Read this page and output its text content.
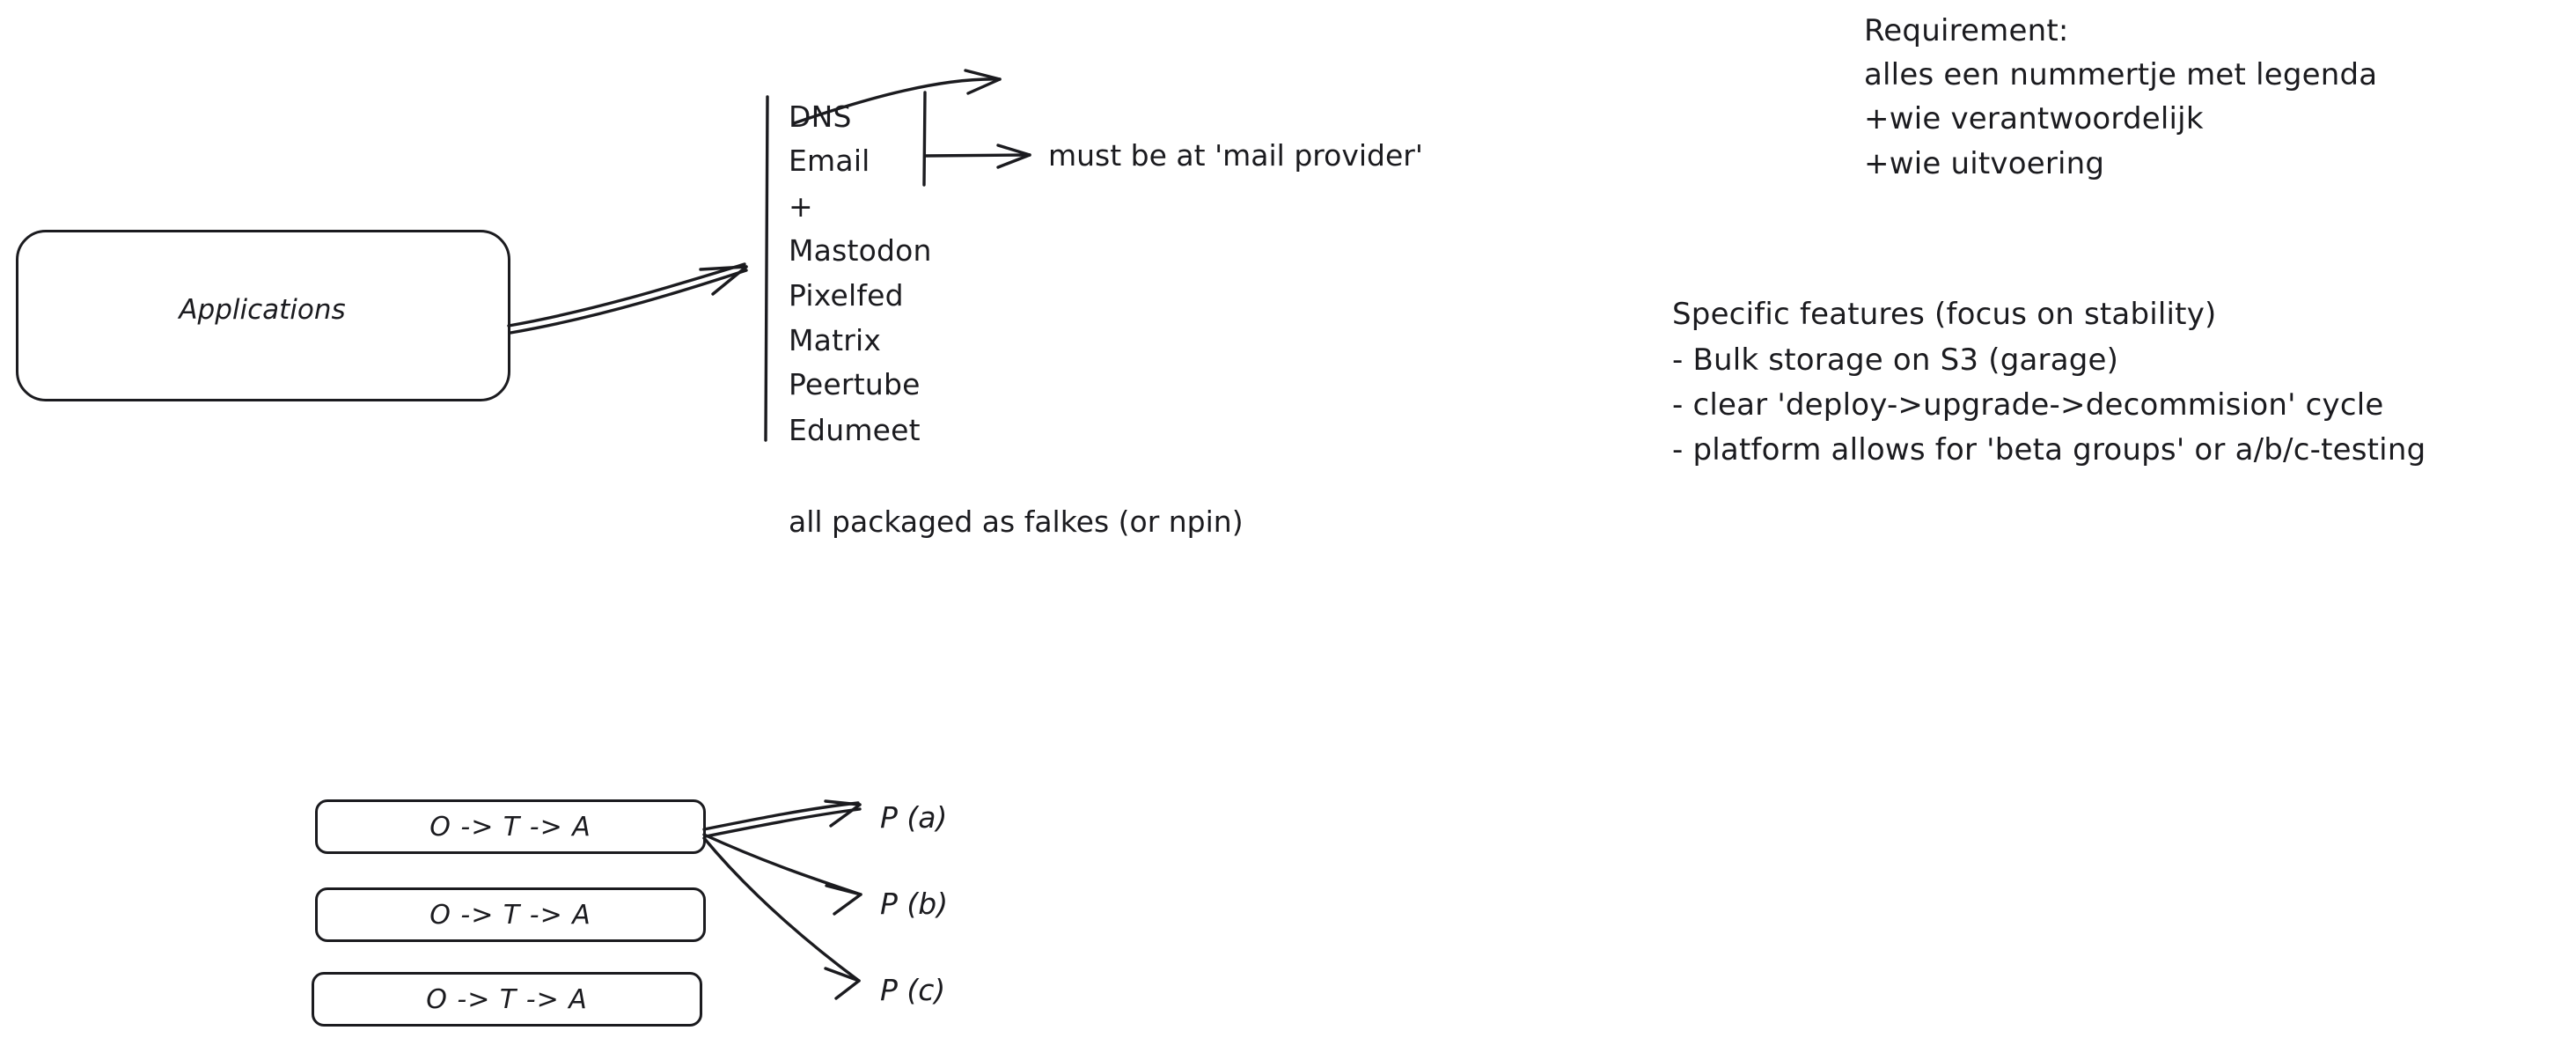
Applications
DNS
Email
+
Mastodon
Pixelfed
Matrix
Peertube
Edumeet
must be at 'mail provider'
all packaged as falkes (or npin)
Requirement:
alles een nummertje met legenda
+wie verantwoordelijk
+wie uitvoering
Specific features (focus on stability)
- Bulk storage on S3 (garage)
- clear 'deploy->upgrade->decommision' cycle
- platform allows for 'beta groups' or a/b/c-testing
O -> T -> A
O -> T -> A
O -> T -> A
P (a)
P (b)
P (c)
